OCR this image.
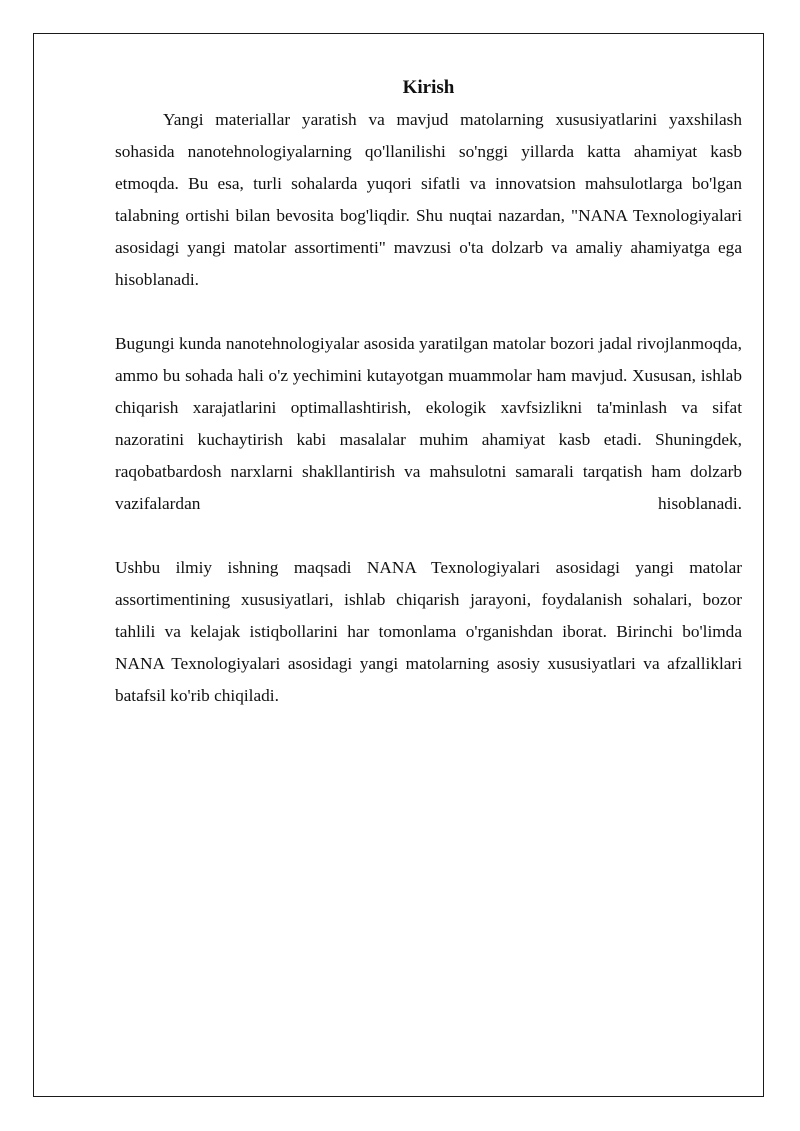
Kirish

Yangi materiallar yaratish va mavjud matolarning xususiyatlarini yaxshilash sohasida nanotehnologiyalarning qo'llanilishi so'nggi yillarda katta ahamiyat kasb etmoqda. Bu esa, turli sohalarda yuqori sifatli va innovatsion mahsulotlarga bo'lgan talabning ortishi bilan bevosita bog'liqdir. Shu nuqtai nazardan, "NANA Texnologiyalari asosidagi yangi matolar assortimenti" mavzusi o'ta dolzarb va amaliy ahamiyatga ega hisoblanadi.

Bugungi kunda nanotehnologiyalar asosida yaratilgan matolar bozori jadal rivojlanmoqda, ammo bu sohada hali o'z yechimini kutayotgan muammolar ham mavjud. Xususan, ishlab chiqarish xarajatlarini optimallashtirish, ekologik xavfsizlikni ta'minlash va sifat nazoratini kuchaytirish kabi masalalar muhim ahamiyat kasb etadi. Shuningdek, raqobatbardosh narxlarni shakllantirish va mahsulotni samarali tarqatish ham dolzarb vazifalardan hisoblanadi.

Ushbu ilmiy ishning maqsadi NANA Texnologiyalari asosidagi yangi matolar assortimentining xususiyatlari, ishlab chiqarish jarayoni, foydalanish sohalari, bozor tahlili va kelajak istiqbollarini har tomonlama o'rganishdan iborat. Birinchi bo'limda NANA Texnologiyalari asosidagi yangi matolarning asosiy xususiyatlari va afzalliklari batafsil ko'rib chiqiladi.
